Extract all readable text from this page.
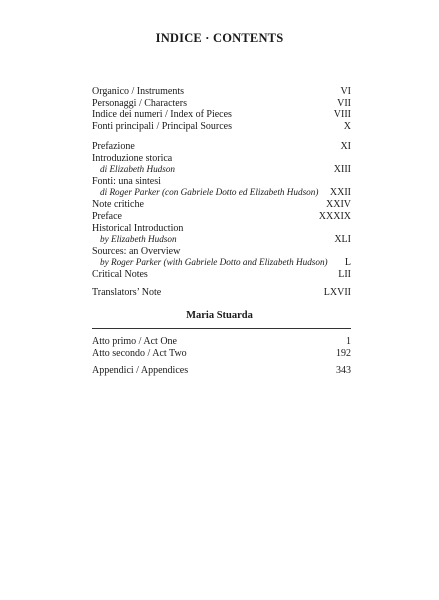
INDICE · CONTENTS
Organico / Instruments	VI
Personaggi / Characters	VII
Indice dei numeri / Index of Pieces	VIII
Fonti principali / Principal Sources	X
Prefazione	XI
Introduzione storica
di Elizabeth Hudson	XIII
Fonti: una sintesi
di Roger Parker (con Gabriele Dotto ed Elizabeth Hudson) XXII
Note critiche	XXIV
Preface	XXXIX
Historical Introduction
by Elizabeth Hudson	XLI
Sources: an Overview
by Roger Parker (with Gabriele Dotto and Elizabeth Hudson) L
Critical Notes	LII
Translators’ Note	LXVII
Maria Stuarda
Atto primo / Act One	1
Atto secondo / Act Two	192
Appendici / Appendices	343
